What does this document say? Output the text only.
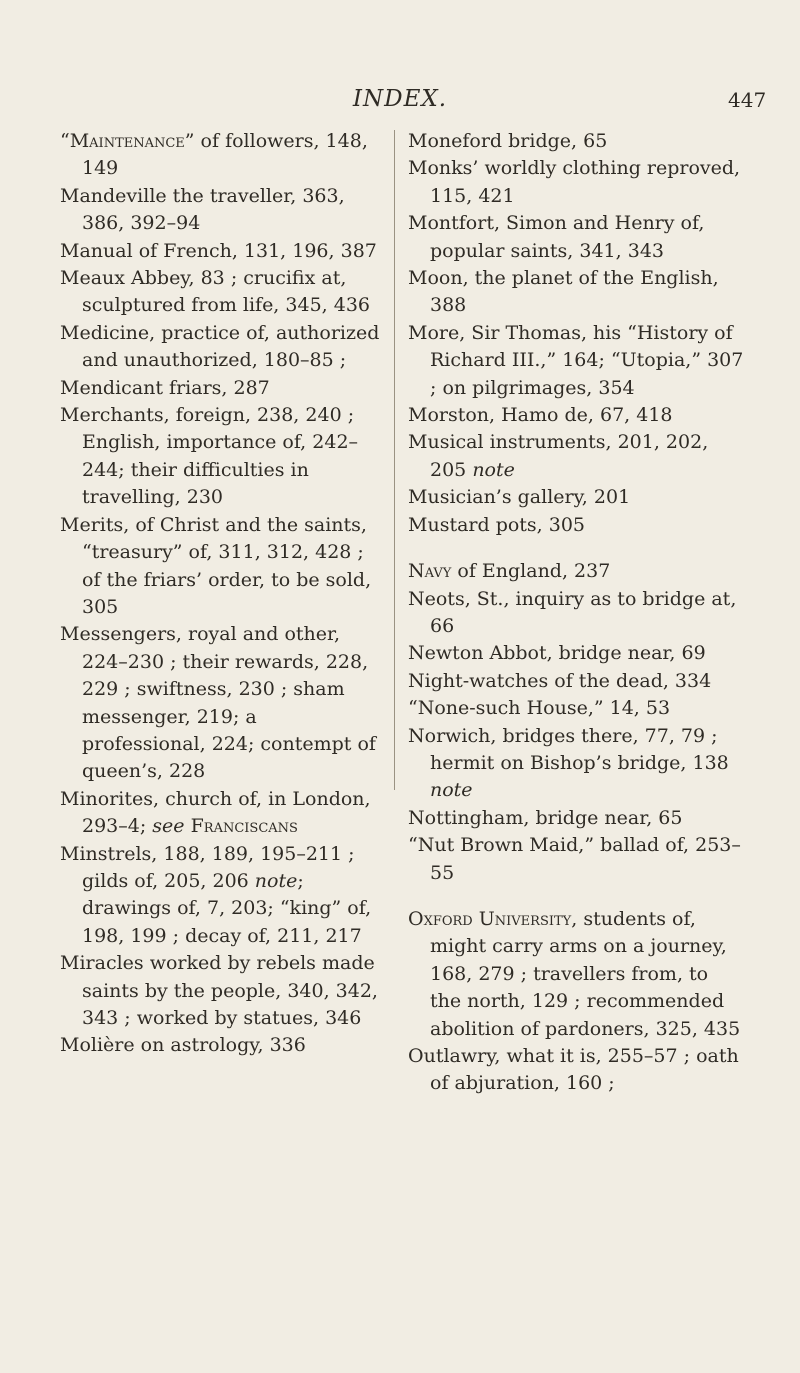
INDEX.	447
“Maintenance” of followers, 148, 149
Mandeville the traveller, 363, 386, 392–94
Manual of French, 131, 196, 387
Meaux Abbey, 83 ; crucifix at, sculptured from life, 345, 436
Medicine, practice of, authorized and unauthorized, 180–85 ;
Mendicant friars, 287
Merchants, foreign, 238, 240 ; English, importance of, 242–244; their difficulties in travelling, 230
Merits, of Christ and the saints, “treasury” of, 311, 312, 428 ; of the friars’ order, to be sold, 305
Messengers, royal and other, 224–230 ; their rewards, 228, 229 ; swiftness, 230 ; sham messenger, 219; a professional, 224; contempt of queen’s, 228
Minorites, church of, in London, 293–4; see Franciscans
Minstrels, 188, 189, 195–211 ; gilds of, 205, 206 note; drawings of, 7, 203; “king” of, 198, 199 ; decay of, 211, 217
Miracles worked by rebels made saints by the people, 340, 342, 343 ; worked by statues, 346
Molière on astrology, 336
Moneford bridge, 65
Monks’ worldly clothing reproved, 115, 421
Montfort, Simon and Henry of, popular saints, 341, 343
Moon, the planet of the English, 388
More, Sir Thomas, his “History of Richard III.,” 164; “Utopia,” 307 ; on pilgrimages, 354
Morston, Hamo de, 67, 418
Musical instruments, 201, 202, 205 note
Musician’s gallery, 201
Mustard pots, 305
Navy of England, 237
Neots, St., inquiry as to bridge at, 66
Newton Abbot, bridge near, 69
Night-watches of the dead, 334
“None-such House,” 14, 53
Norwich, bridges there, 77, 79 ; hermit on Bishop’s bridge, 138 note
Nottingham, bridge near, 65
“Nut Brown Maid,” ballad of, 253–55
Oxford University, students of, might carry arms on a journey, 168, 279 ; travellers from, to the north, 129 ; recommended abolition of pardoners, 325, 435
Outlawry, what it is, 255–57 ; oath of abjuration, 160 ;
